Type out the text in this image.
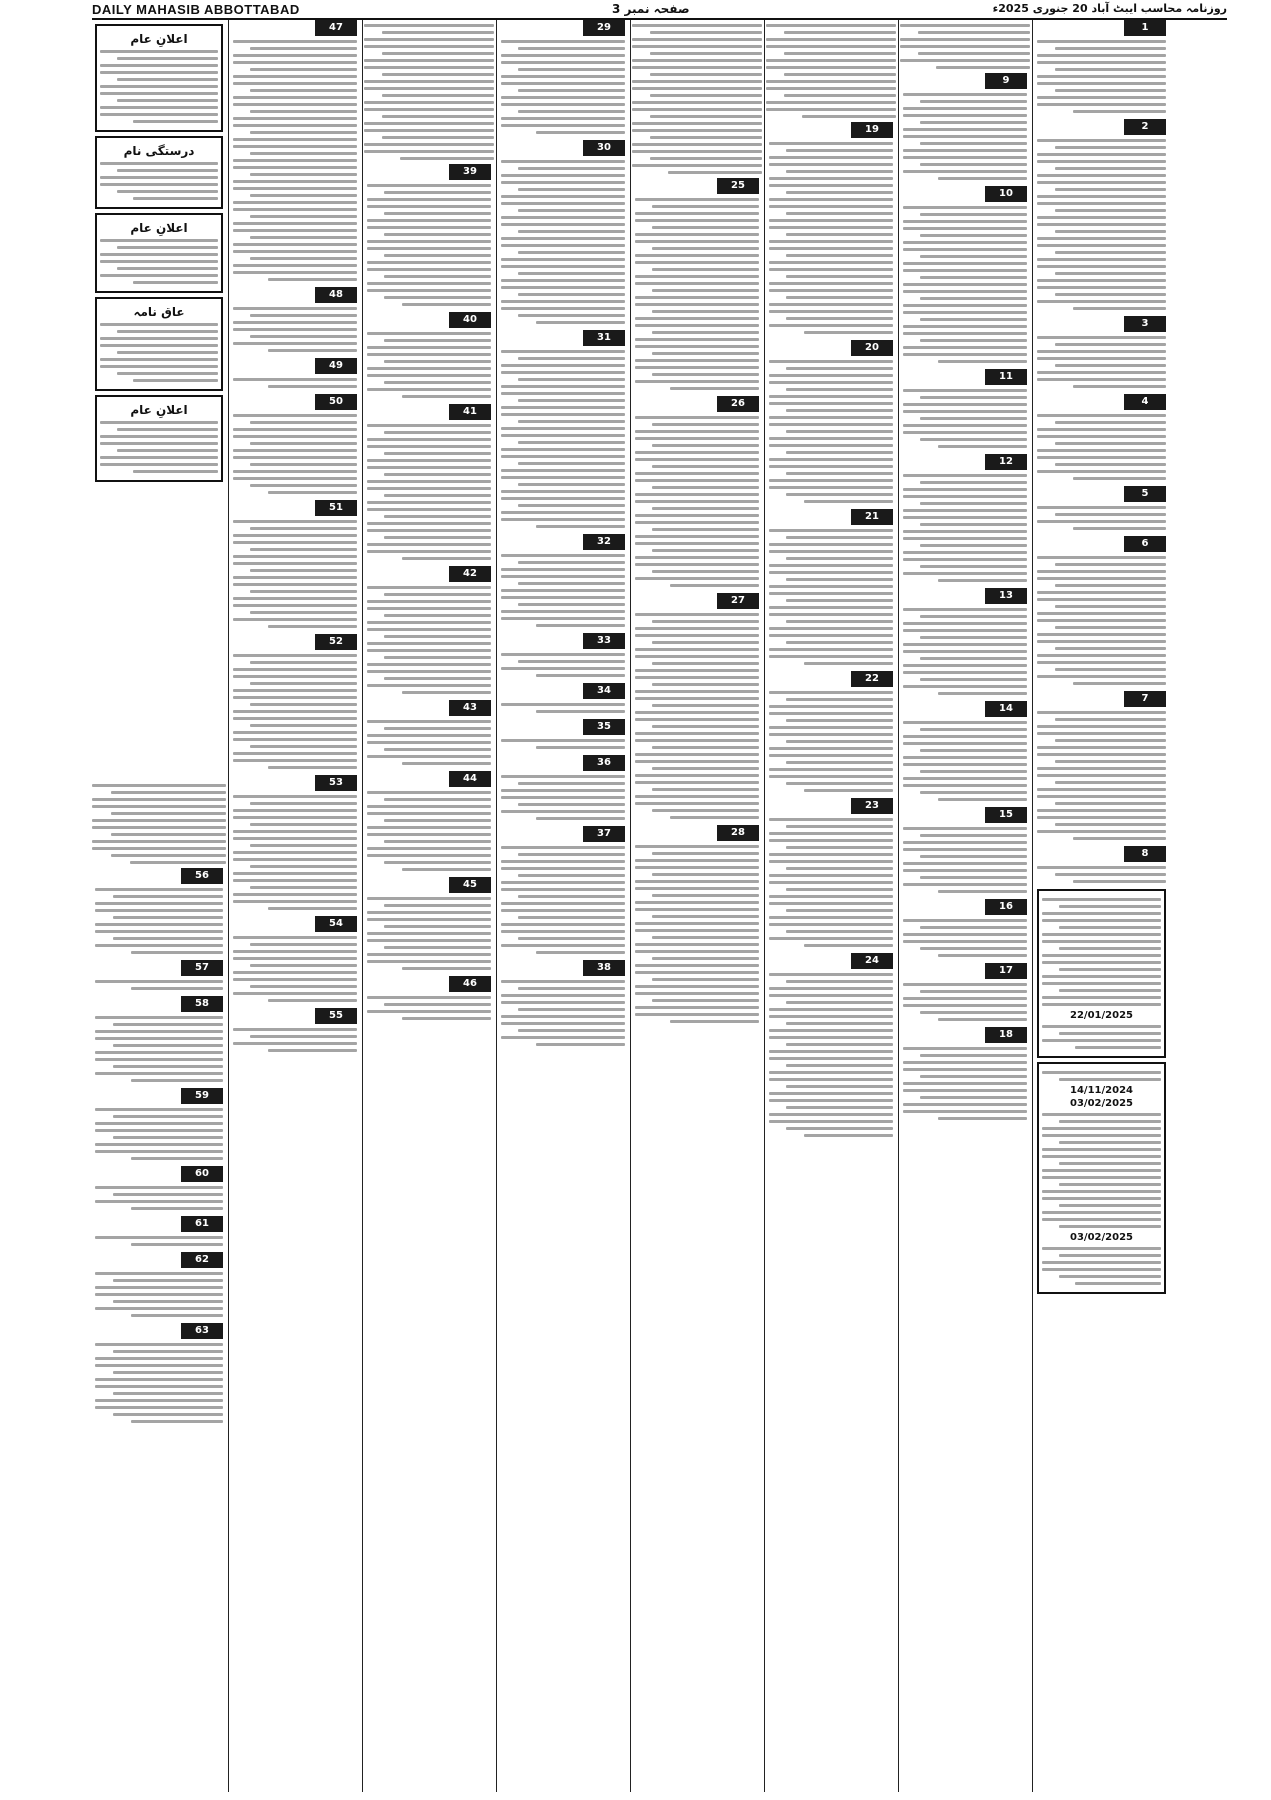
DAILY MAHASIB ABBOTTABAD	صفحہ نمبر 3	روزنامہ محاسب ایبٹ آباد 20 جنوری 2025ء
اعلانِ عام
درستگی نام
اعلانِ عام
عاق نامہ
اعلانِ عام
56
57
58
59
60
61
62
63
47
48
49
50
51
52
53
54
55
39
40
41
42
43
44
45
46
29
30
31
32
33
34
35
36
37
38
25
26
27
28
19
20
21
22
23
24
9
10
11
12
13
14
15
16
17
18
1
2
3
4
5
6
7
8
22/01/2025
14/11/2024
03/02/2025
03/02/2025
